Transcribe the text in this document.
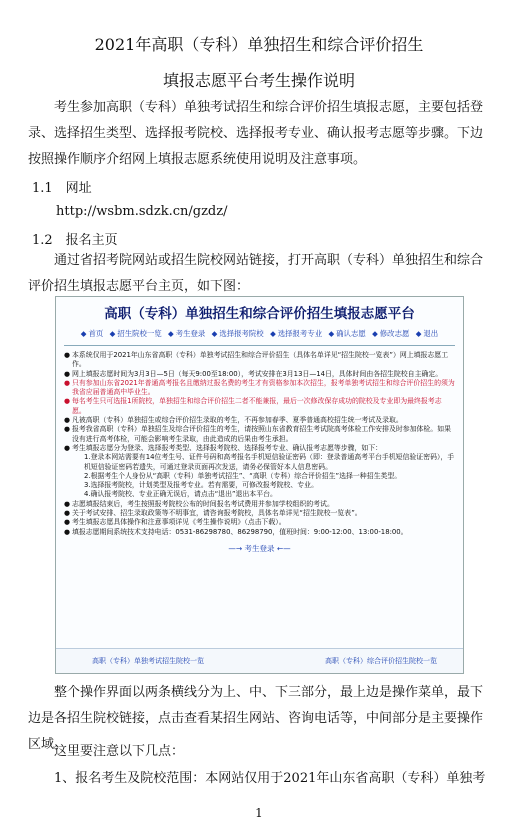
2021年高职（专科）单独招生和综合评价招生
填报志愿平台考生操作说明
考生参加高职（专科）单独考试招生和综合评价招生填报志愿，主要包括登录、选择招生类型、选择报考院校、选择报考专业、确认报考志愿等步骤。下边按照操作顺序介绍网上填报志愿系统使用说明及注意事项。
1.1　网址
http://wsbm.sdzk.cn/gzdz/
1.2　报名主页
通过省招考院网站或招生院校网站链接，打开高职（专科）单独招生和综合评价招生填报志愿平台主页，如下图：
高职（专科）单独招生和综合评价招生填报志愿平台
◆ 首页 ◆ 招生院校一览 ◆ 考生登录 ◆ 选择报考院校 ◆ 选择报考专业 ◆ 确认志愿 ◆ 修改志愿 ◆ 退出
● 本系统仅用于2021年山东省高职（专科）单独考试招生和综合评价招生（具体名单详见“招生院校一览表”）网上填报志愿工作。
● 网上填报志愿时间为3月3日—5日（每天9:00至18:00），考试安排在3月13日—14日，具体时间由各招生院校自主确定。
● 只有参加山东省2021年普通高考报名且缴纳过报名费的考生才有资格参加本次招生，报考单独考试招生和综合评价招生的须为我省应届普通高中毕业生。
● 每名考生只可选报1所院校，单独招生和综合评价招生二者不能兼报，最后一次修改保存成功的院校及专业即为最终报考志愿。
● 凡被高职（专科）单独招生或综合评价招生录取的考生，不再参加春季、夏季普通高校招生统一考试及录取。
● 报考我省高职（专科）单独招生及综合评价招生的考生，请按照山东省教育招生考试院高考体检工作安排及时参加体检。如果没有进行高考体检，可能会影响考生录取，由此造成的后果由考生承担。
● 考生填报志愿分为登录、选择报考类型、选择报考院校、选择报考专业、确认报考志愿等步骤，如下：
1.登录本网站需要有14位考生号、证件号码和高考报名手机短信验证密码（即：登录普通高考平台手机短信验证密码），手机短信验证密码若遗失，可通过登录页面再次发送，请务必保管好本人信息密码。
2.根据考生个人身份从“高职（专科）单独考试招生”、“高职（专科）综合评价招生”选择一种招生类型。
3.选择报考院校，计划类型及报考专业。若有需要，可修改报考院校、专业。
4.确认报考院校、专业正确无误后，请点击“退出”退出本平台。
● 志愿填报结束后，考生按照报考院校公布的时间报名考试费用并参加学校组织的考试。
● 关于考试安排、招生录取政策等不明事宜，请咨询报考院校，具体名单详见“招生院校一览表”。
● 考生填报志愿具体操作和注意事项详见《考生操作说明》（点击下载）。
● 填报志愿期间系统技术支持电话：0531-86298780、86298790，值班时间：9:00-12:00、13:00-18:00。
—→ 考生登录 ←—
高职（专科）单独考试招生院校一览	高职（专科）综合评价招生院校一览
整个操作界面以两条横线分为上、中、下三部分，最上边是操作菜单，最下边是各招生院校链接，点击查看某招生网站、咨询电话等，中间部分是主要操作区域。
这里要注意以下几点：
1、报名考生及院校范围：本网站仅用于2021年山东省高职（专科）单独考
1
